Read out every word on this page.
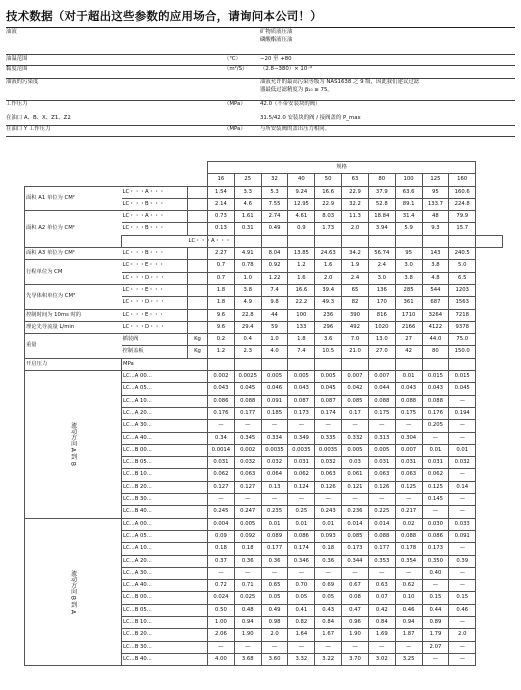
技术数据（对于超出这些参数的应用场合，请询问本公司！）
油液	矿物质液压油
磷酸酯液压油
油温范围	（℃）	−20 至 +80
黏度范围	（m²/S） （2.8−380）× 10⁻⁶
油液的污染度	油液允许的最高污染等级为 NAS1638 之 9 级，因此我们建议过滤
器最低过滤精度为 β₁₀ ≥ 75。
工作压力	（MPa）	42.0（不带安装块的阀）
在油口 A、B、X、Z1、Z2	31.5/42.0 安装块的阀 / 接阀盖的 P_max
在油口 Y 工作压力	（MPa）	与所安装阀的盖出压力相同。
			规格										
			16	25	32	40	50	63	80	100	125	160	
面积 A1 单位为 CM²	LC・・・A・・・		1.54	3.3	5.3	9.24	16.6	22.9	37.9	63.6	95	160.6	
	LC・・・B・・・		2.14	4.6	7.55	12.95	22.9	32.2	52.8	89.1	133.7	224.8	
面积 A2 单位为 CM²	LC・・・A・・・		0.73	1.61	2.74	4.61	8.03	11.3	18.84	31.4	48	79.9	
	LC・・・B・・・		0.13	0.31	0.49	0.9	1.73	2.0	3.94	5.9	9.3	15.7	
		LC・・・A・・・											
面积 A3 单位为 CM²	LC・・・B・・・		2.27	4.91	8.04	13.85	24.63	34.2	56.74	95	143	240.5	
行程单位为 CM	LC・・・E・・・		0.7	0.78	0.92	1.2	1.6	1.9	2.4	3.0	3.8	5.0	
	LC・・・D・・・		0.7	1.0	1.22	1.6	2.0	2.4	3.0	3.8	4.8	6.5	
先导体积单位为 CM³	LC・・・E・・・		1.8	3.8	7.4	16.6	39.4	65	136	285	544	1203	
	LC・・・D・・・		1.8	4.9	9.8	22.2	49.3	82	170	361	687	1563	
控制时间为 10ms 时的	LC・・・E・・・		9.6	22.8	44	100	236	390	816	1710	3264	7218	
理论先导流量 L/min	LC・・・D・・・		9.6	29.4	59	133	296	492	1020	2166	4122	9378	
重量	插装阀	Kg	0.2	0.4	1.0	1.8	3.6	7.0	13.0	27	44.0	75.0	
	控制盖板	Kg	1.2	2.3	4.0	7.4	10.5	21.0	27.0	42	80	150.0	
开启压力	MPa												

流动方向 A 到 B	LC...A 00...		0.002	0.0025	0.005	0.005	0.005	0.007	0.007	0.01	0.015	0.015	
	LC...A 05...		0.043	0.045	0.046	0.043	0.045	0.042	0.044	0.043	0.043	0.045	
	LC...A 10...		0.086	0.088	0.091	0.087	0.087	0.085	0.088	0.088	0.088	—	
	LC...A 20...		0.176	0.177	0.185	0.173	0.174	0.17	0.175	0.175	0.176	0.194	
	LC...A 30...		—	—	—	—	—	—	—	—	0.205	—	
	LC...A 40...		0.34	0.345	0.334	0.349	0.335	0.332	0.313	0.304	—	—	
	LC...B 00...		0.0014	0.002	0.0035	0.0035	0.0035	0.005	0.005	0.007	0.01	0.01	
	LC...B 05...		0.031	0.032	0.032	0.031	0.032	0.03	0.031	0.031	0.031	0.032	
	LC...B 10...		0.062	0.063	0.064	0.062	0.063	0.061	0.063	0.063	0.062	—	
	LC...B 20...		0.127	0.127	0.13	0.124	0.126	0.121	0.126	0.125	0.125	0.14	
	LC...B 30...		—	—	—	—	—	—	—	—	0.145	—	
	LC...B 40...		0.245	0.247	0.235	0.25	0.243	0.236	0.225	0.217	—	—	

流动方向 B 到 A	LC...A 00...		0.004	0.005	0.01	0.01	0.01	0.014	0.014	0.02	0.030	0.033	
	LC...A 05...		0.09	0.092	0.089	0.086	0.093	0.085	0.088	0.088	0.086	0.091	
	LC...A 10...		0.18	0.18	0.177	0.174	0.18	0.173	0.177	0.178	0.173	—	
	LC...A 20...		0.37	0.36	0.36	0.346	0.36	0.344	0.353	0.354	0.350	0.39	
	LC...A 30...		—	—	—	—	—	—	—	—	0.40	—	
	LC...A 40...		0.72	0.71	0.65	0.70	0.69	0.67	0.63	0.62	—	—	
	LC...B 00...		0.024	0.025	0.05	0.05	0.05	0.08	0.07	0.10	0.15	0.15	
	LC...B 05...		0.50	0.48	0.49	0.41	0.43	0.47	0.42	0.46	0.44	0.46	
	LC...B 10...		1.00	0.94	0.98	0.82	0.84	0.96	0.84	0.94	0.89	—	
	LC...B 20...		2.06	1.90	2.0	1.64	1.67	1.90	1.69	1.87	1.79	2.0	
	LC...B 30...		—	—	—	—	—	—	—	—	2.07	—	
	LC...B 40...		4.00	3.68	3.60	3.32	3.22	3.70	3.02	3.25	—	—	
